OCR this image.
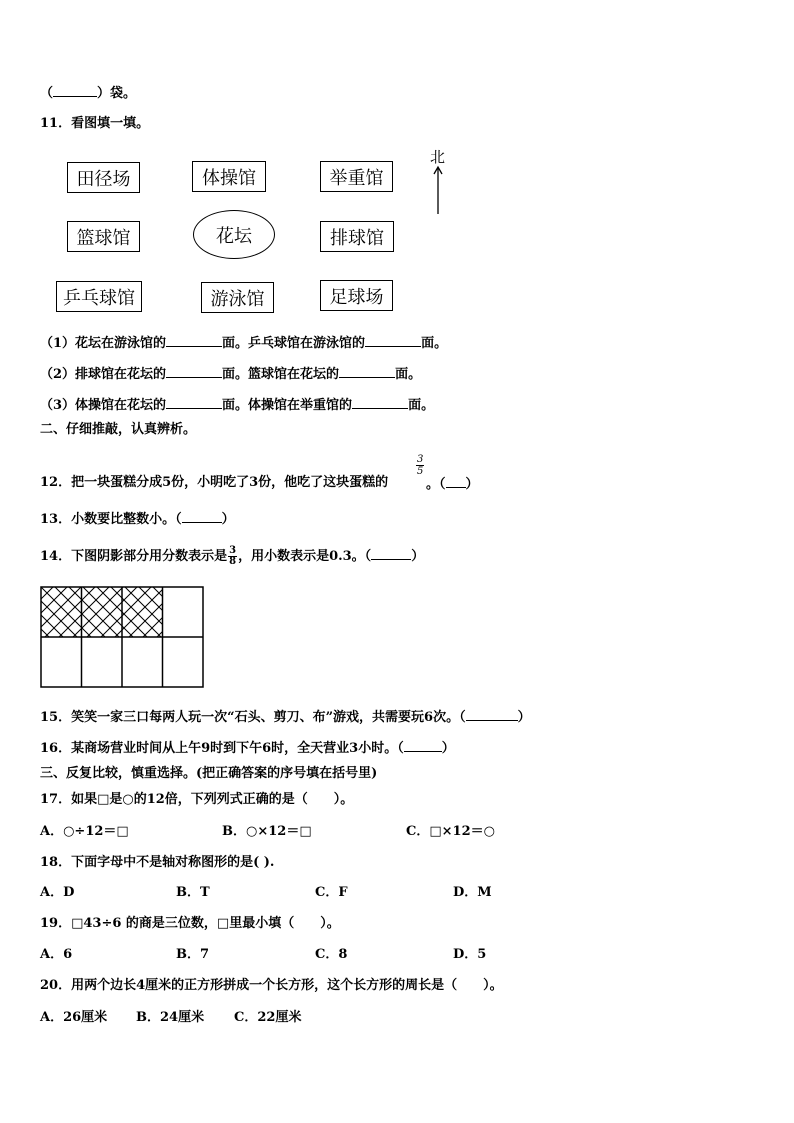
（	）袋。
11．看图填一填。
田径场	体操馆	举重馆
北
篮球馆	花坛	排球馆
乒乓球馆	游泳馆	足球场
（1）花坛在游泳馆的	面。乒乓球馆在游泳馆的	面。
（2）排球馆在花坛的	面。篮球馆在花坛的	面。
（3）体操馆在花坛的	面。体操馆在举重馆的	面。
二、仔细推敲，认真辨析。
12．把一块蛋糕分成5份，小明吃了3份，他吃了这块蛋糕的
3
5
。（ ）
13．小数要比整数小。（	）
14．下图阴影部分用分数表示是 $\frac{3}{8}$ ，用小数表示是0.3。（	）
15．笑笑一家三口每两人玩一次“石头、剪刀、布”游戏，共需要玩6次。（	）
16．某商场营业时间从上午9时到下午6时，全天营业3小时。（	）
三、反复比较，慎重选择。(把正确答案的序号填在括号里)
17．如果□是○的12倍，下列列式正确的是（　　）。
A．○÷12＝□	B．○×12＝□	C．□×12＝○
18．下面字母中不是轴对称图形的是( ).
A．D	B．T	C．F	D．M
19．□43÷6 的商是三位数，□里最小填（　　）。
A．6	B．7	C．8	D．5
20．用两个边长4厘米的正方形拼成一个长方形，这个长方形的周长是（　　）。
A．26厘米 B．24厘米 C．22厘米
